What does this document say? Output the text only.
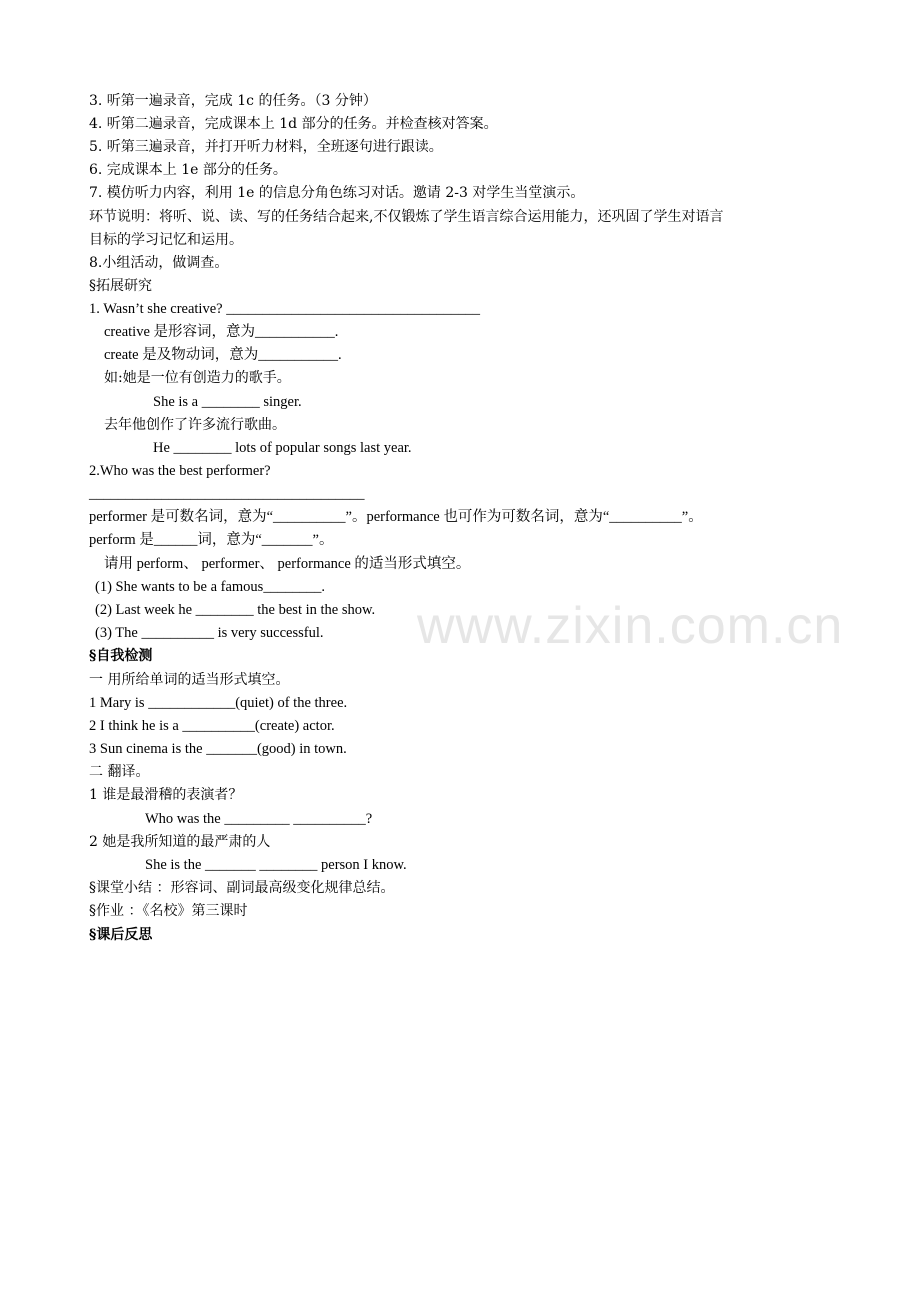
www.zixin.com.cn
3. 听第一遍录音，完成 1c 的任务。（3 分钟）
4. 听第二遍录音，完成课本上 1d 部分的任务。并检查核对答案。
5. 听第三遍录音，并打开听力材料，全班逐句进行跟读。
6. 完成课本上 1e 部分的任务。
7. 模仿听力内容，利用 1e 的信息分角色练习对话。邀请 2-3 对学生当堂演示。
环节说明：将听、说、读、写的任务结合起来,不仅锻炼了学生语言综合运用能力，还巩固了学生对语言
目标的学习记忆和运用。
8.小组活动，做调查。
§拓展研究
1. Wasn’t she creative? ___________________________________
creative 是形容词，意为___________.
create 是及物动词，意为___________.
如:她是一位有创造力的歌手。
She is a ________ singer.
去年他创作了许多流行歌曲。
He ________ lots of popular songs last year.
2.Who was the best performer?
______________________________________
performer 是可数名词，意为“__________”。performance 也可作为可数名词，意为“__________”。
perform 是______词，意为“_______”。
请用 perform、 performer、 performance 的适当形式填空。
(1) She wants to be a famous________.
(2) Last week he ________ the best in the show.
(3) The __________ is very successful.
§自我检测
一 用所给单词的适当形式填空。
1 Mary is ____________(quiet) of the three.
2 I think he is a __________(create) actor.
3 Sun cinema is the _______(good) in town.
二 翻译。
1 谁是最滑稽的表演者？
Who was the _________ __________?
2 她是我所知道的最严肃的人
She is the _______ ________ person I know.
§课堂小结 ：形容词、副词最高级变化规律总结。
§作业 ：《名校》第三课时
§课后反思
